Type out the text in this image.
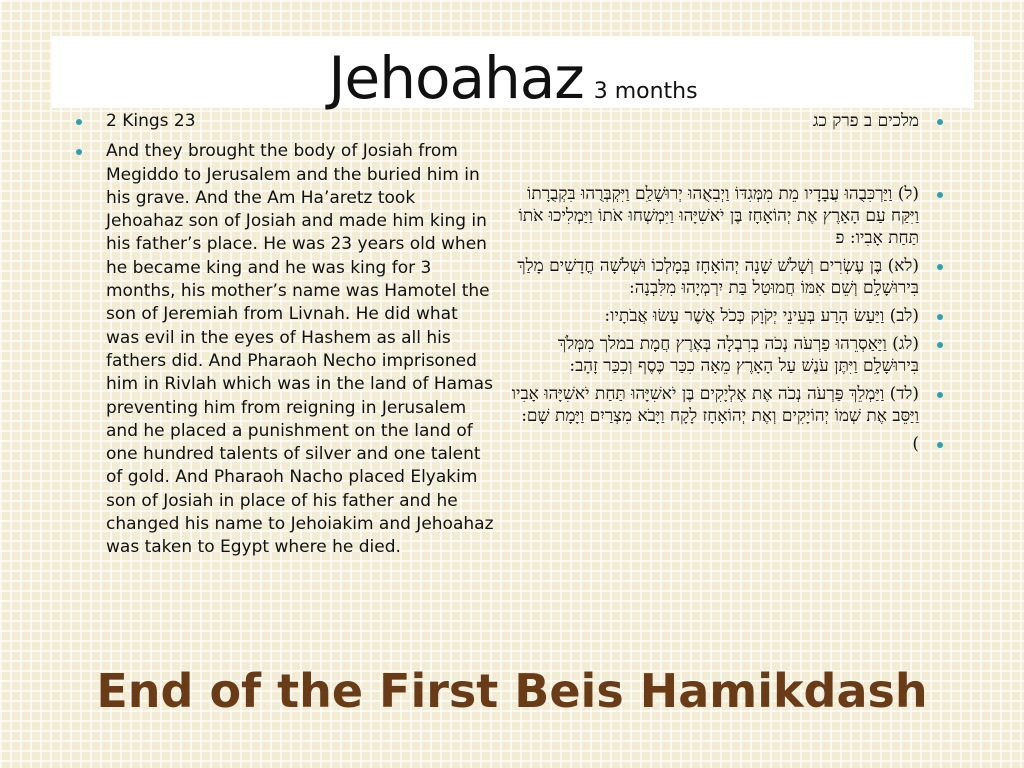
Jehoahaz 3 months
2 Kings 23
And they brought the body of Josiah from Megiddo to Jerusalem and the buried him in his grave. And the Am Ha’aretz took Jehoahaz son of Josiah and made him king in his father’s place. He was 23 years old when he became king and he was king for 3 months, his mother’s name was Hamotel the son of Jeremiah from Livnah. He did what was evil in the eyes of Hashem as all his fathers did. And Pharaoh Necho imprisoned him in Rivlah which was in the land of Hamas preventing him from reigning in Jerusalem and he placed a punishment on the land of one hundred talents of silver and one talent of gold. And Pharaoh Nacho placed Elyakim son of Josiah in place of his father and he changed his name to Jehoiakim and Jehoahaz was taken to Egypt where he died.
מלכים ב פרק כג
(ל) וַיַּרְכִּבֻהוּ עֲבָדָיו מֵת מִמְּגִדּוֹ וַיְבִאֻהוּ יְרוּשָׁלִַם וַיִּקְבְּרֻהוּ בִּקְבֻרָתוֹ וַיִּקַּח עַם הָאָרֶץ אֶת יְהוֹאָחָז בֶּן יֹאשִׁיָּהוּ וַיִּמְשְׁחוּ אֹתוֹ וַיַּמְלִיכוּ אֹתוֹ תַּחַת אָבִיו: פ
(לא) בֶּן עֶשְׂרִים וְשָׁלֹשׁ שָׁנָה יְהוֹאָחָז בְּמָלְכוֹ וּשְׁלֹשָׁה חֳדָשִׁים מָלַךְ בִּירוּשָׁלִָם וְשֵׁם אִמּוֹ חֲמוּטַל בַּת יִרְמְיָהוּ מִלִּבְנָה:
(לב) וַיַּעַשׂ הָרַע בְּעֵינֵי יְקֹוָק כְּכֹל אֲשֶׁר עָשׂוּ אֲבֹתָיו:
(לג) וַיַּאַסְרֵהוּ פַרְעֹה נְכֹה בְרִבְלָה בְּאֶרֶץ חֲמָת במלך מִמְּלֹךְ בִּירוּשָׁלִָם וַיִּתֶּן עֹנֶשׁ עַל הָאָרֶץ מֵאָה כִכַּר כֶּסֶף וְכִכַּר זָהָב:
(לד) וַיַּמְלֵךְ פַּרְעֹה נְכֹה אֶת אֶלְיָקִים בֶּן יֹאשִׁיָּהוּ תַּחַת יֹאשִׁיָּהוּ אָבִיו וַיַּסֵּב אֶת שְׁמוֹ יְהוֹיָקִים וְאֶת יְהוֹאָחָז לָקָח וַיָּבֹא מִצְרַיִם וַיָּמָת שָׁם:
)
End of the First Beis Hamikdash
